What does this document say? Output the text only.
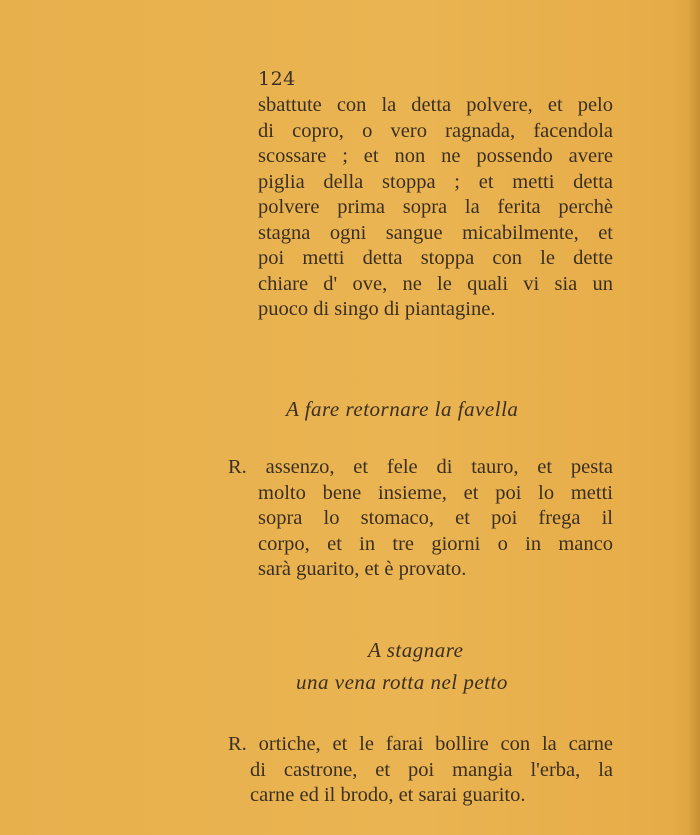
124
sbattute con la detta polvere, et pelo
di copro, o vero ragnada, facendola
scossare ; et non ne possendo avere
piglia della stoppa ; et metti detta
polvere prima sopra la ferita perchè
stagna ogni sangue micabilmente, et
poi metti detta stoppa con le dette
chiare d' ove, ne le quali vi sia un
puoco di singo di piantagine.
A fare retornare la favella
R. assenzo, et fele di tauro, et pesta
molto bene insieme, et poi lo metti
sopra lo stomaco, et poi frega il
corpo, et in tre giorni o in manco
sarà guarito, et è provato.
A stagnare
una vena rotta nel petto
R. ortiche, et le farai bollire con la carne
di castrone, et poi mangia l'erba, la
carne ed il brodo, et sarai guarito.
